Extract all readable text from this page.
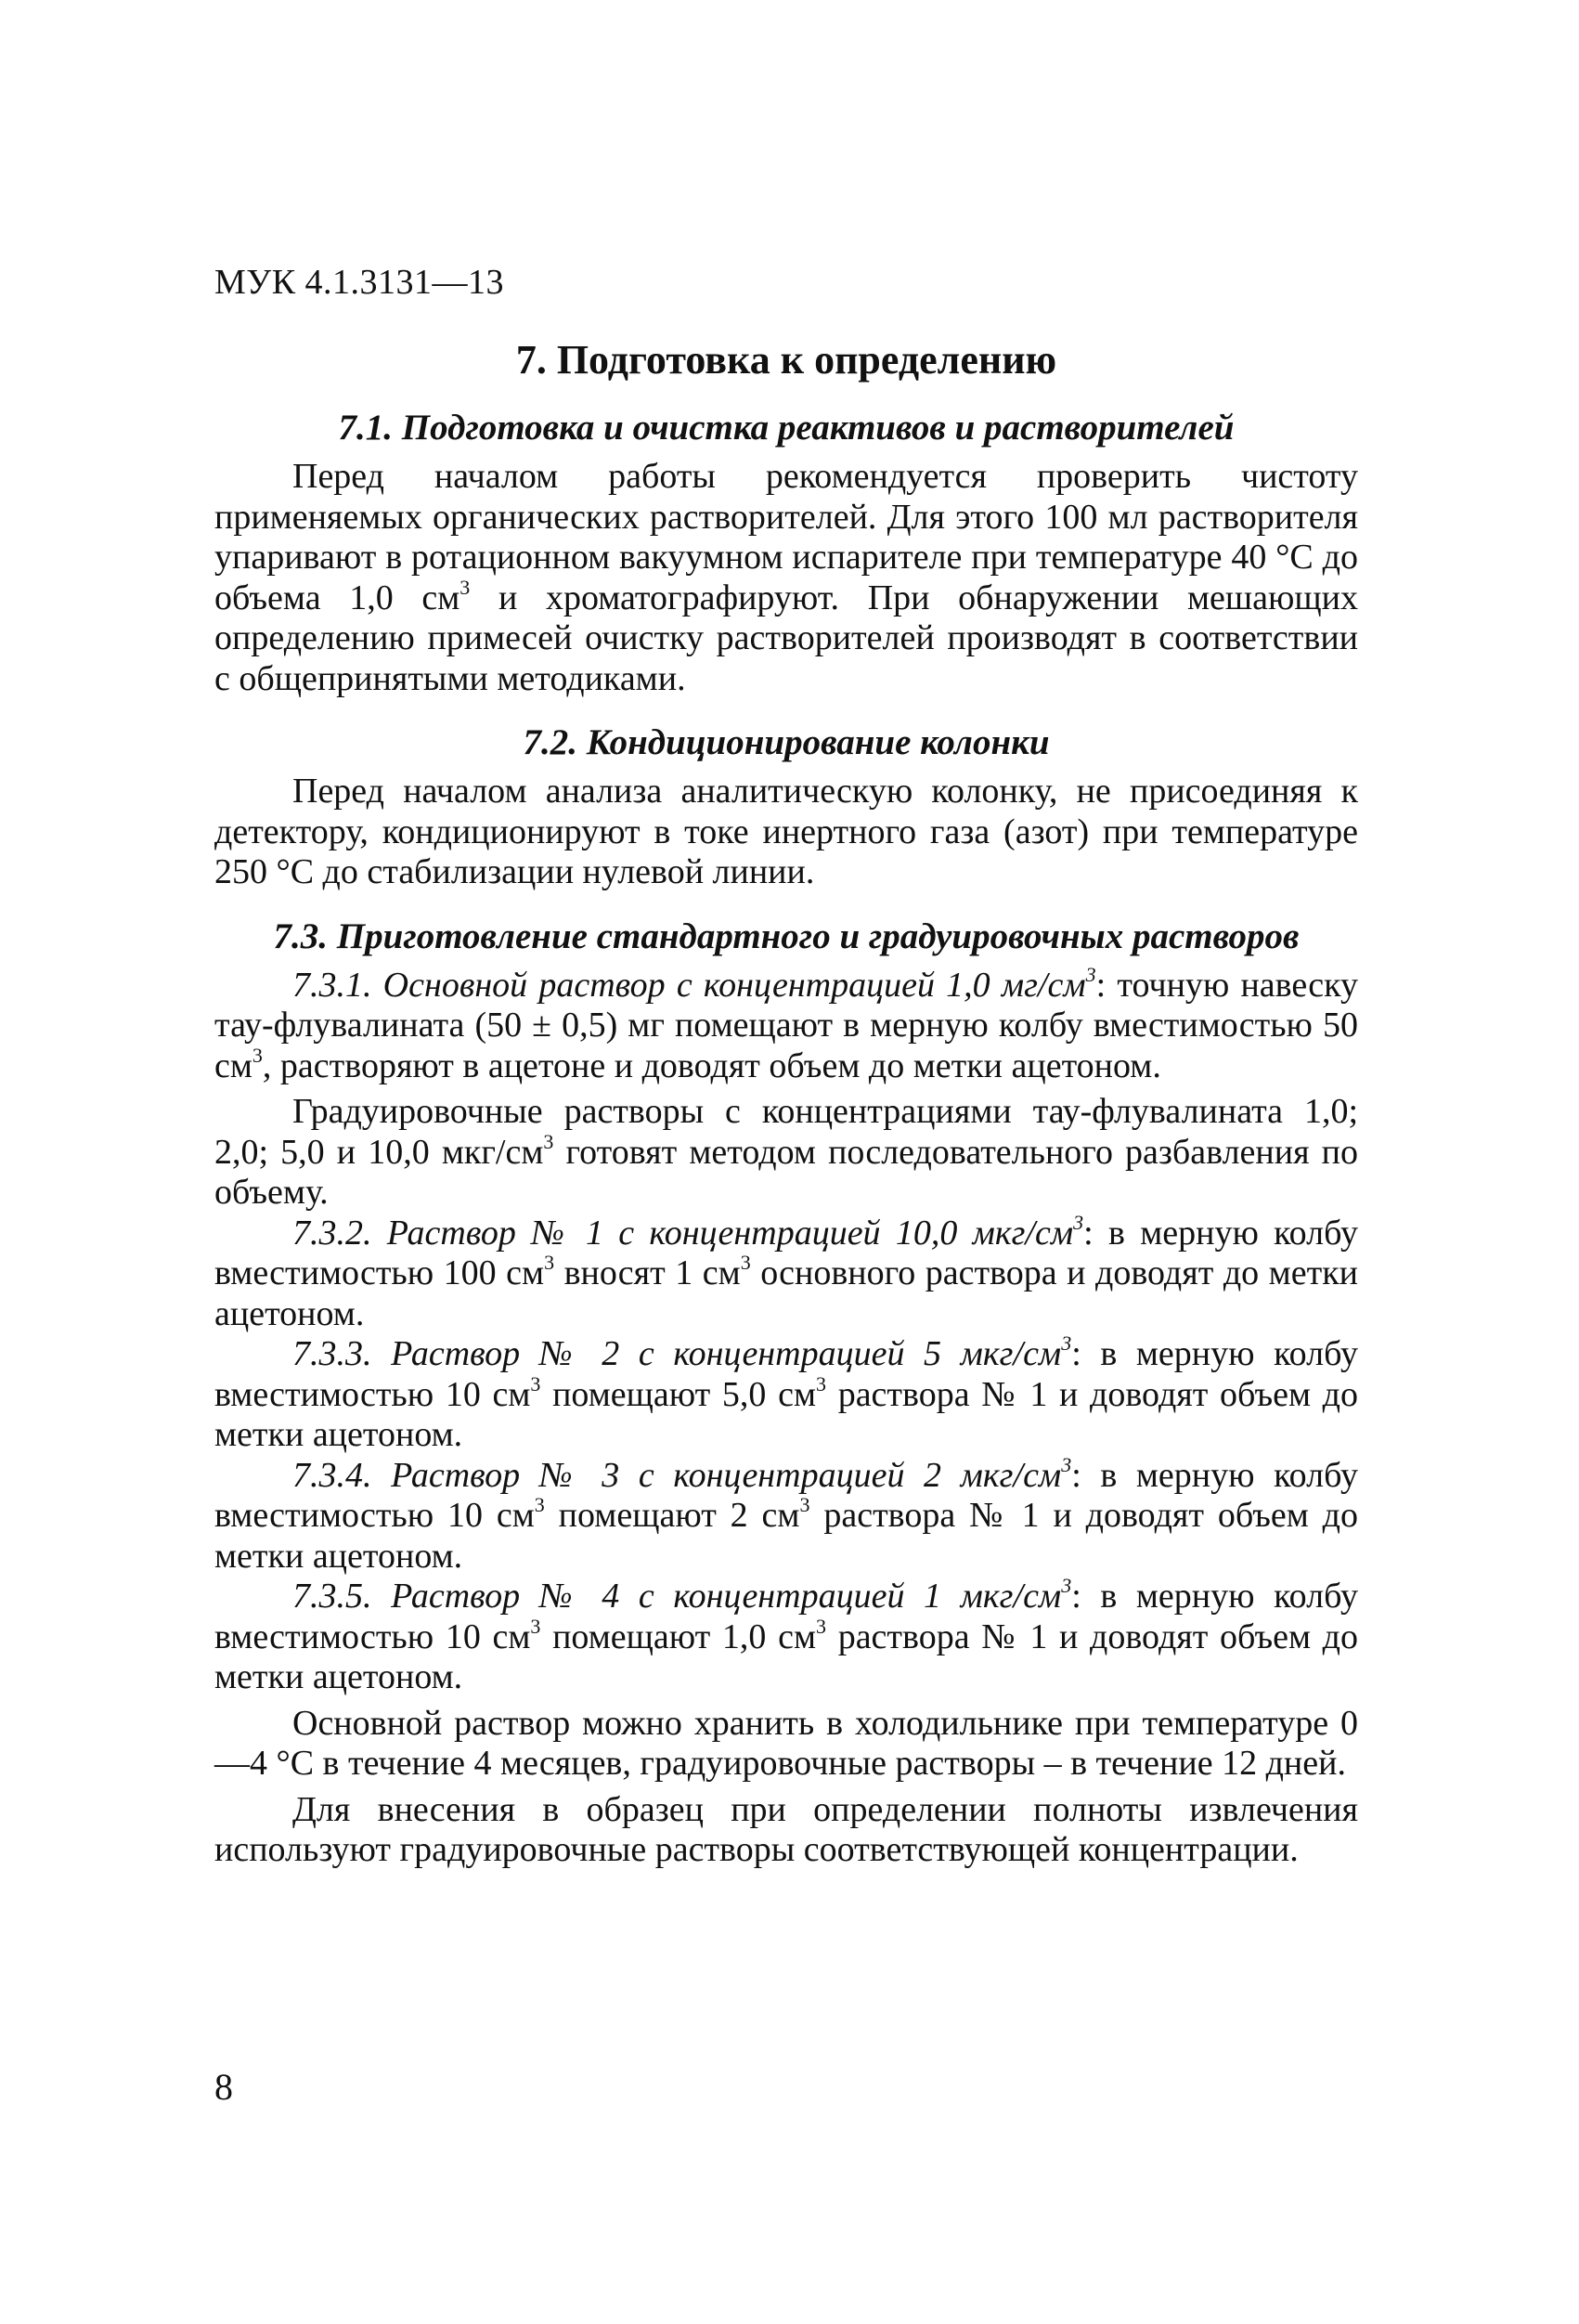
МУК 4.1.3131—13
7. Подготовка к определению

7.1. Подготовка и очистка реактивов и растворителей

Перед началом работы рекомендуется проверить чистоту применяемых органических растворителей. Для этого 100 мл растворителя упаривают в ротационном вакуумном испарителе при температуре 40 °С до объема 1,0 $см^3$ и хроматографируют. При обнаружении мешающих определению примесей очистку растворителей производят в соответствии с общепринятыми методиками.

7.2. Кондиционирование колонки

Перед началом анализа аналитическую колонку, не присоединяя к детектору, кондиционируют в токе инертного газа (азот) при температуре 250 °С до стабилизации нулевой линии.

7.3. Приготовление стандартного и градуировочных растворов

7.3.1. Основной раствор с концентрацией 1,0 $мг/см^3$: точную навеску тау-флувалината (50 ± 0,5) мг помещают в мерную колбу вместимостью 50 $см^3$, растворяют в ацетоне и доводят объем до метки ацетоном.

Градуировочные растворы с концентрациями тау-флувалината 1,0; 2,0; 5,0 и 10,0 мкг/$см^3$ готовят методом последовательного разбавления по объему.

7.3.2. Раствор № 1 с концентрацией 10,0 мкг/$см^3$: в мерную колбу вместимостью 100 $см^3$ вносят 1 $см^3$ основного раствора и доводят до метки ацетоном.

7.3.3. Раствор № 2 с концентрацией 5 мкг/$см^3$: в мерную колбу вместимостью 10 $см^3$ помещают 5,0 $см^3$ раствора № 1 и доводят объем до метки ацетоном.

7.3.4. Раствор № 3 с концентрацией 2 мкг/$см^3$: в мерную колбу вместимостью 10 $см^3$ помещают 2 $см^3$ раствора № 1 и доводят объем до метки ацетоном.

7.3.5. Раствор № 4 с концентрацией 1 мкг/$см^3$: в мерную колбу вместимостью 10 $см^3$ помещают 1,0 $см^3$ раствора № 1 и доводят объем до метки ацетоном.

Основной раствор можно хранить в холодильнике при температуре 0—4 °С в течение 4 месяцев, градуировочные растворы – в течение 12 дней.

Для внесения в образец при определении полноты извлечения используют градуировочные растворы соответствующей концентрации.

8
